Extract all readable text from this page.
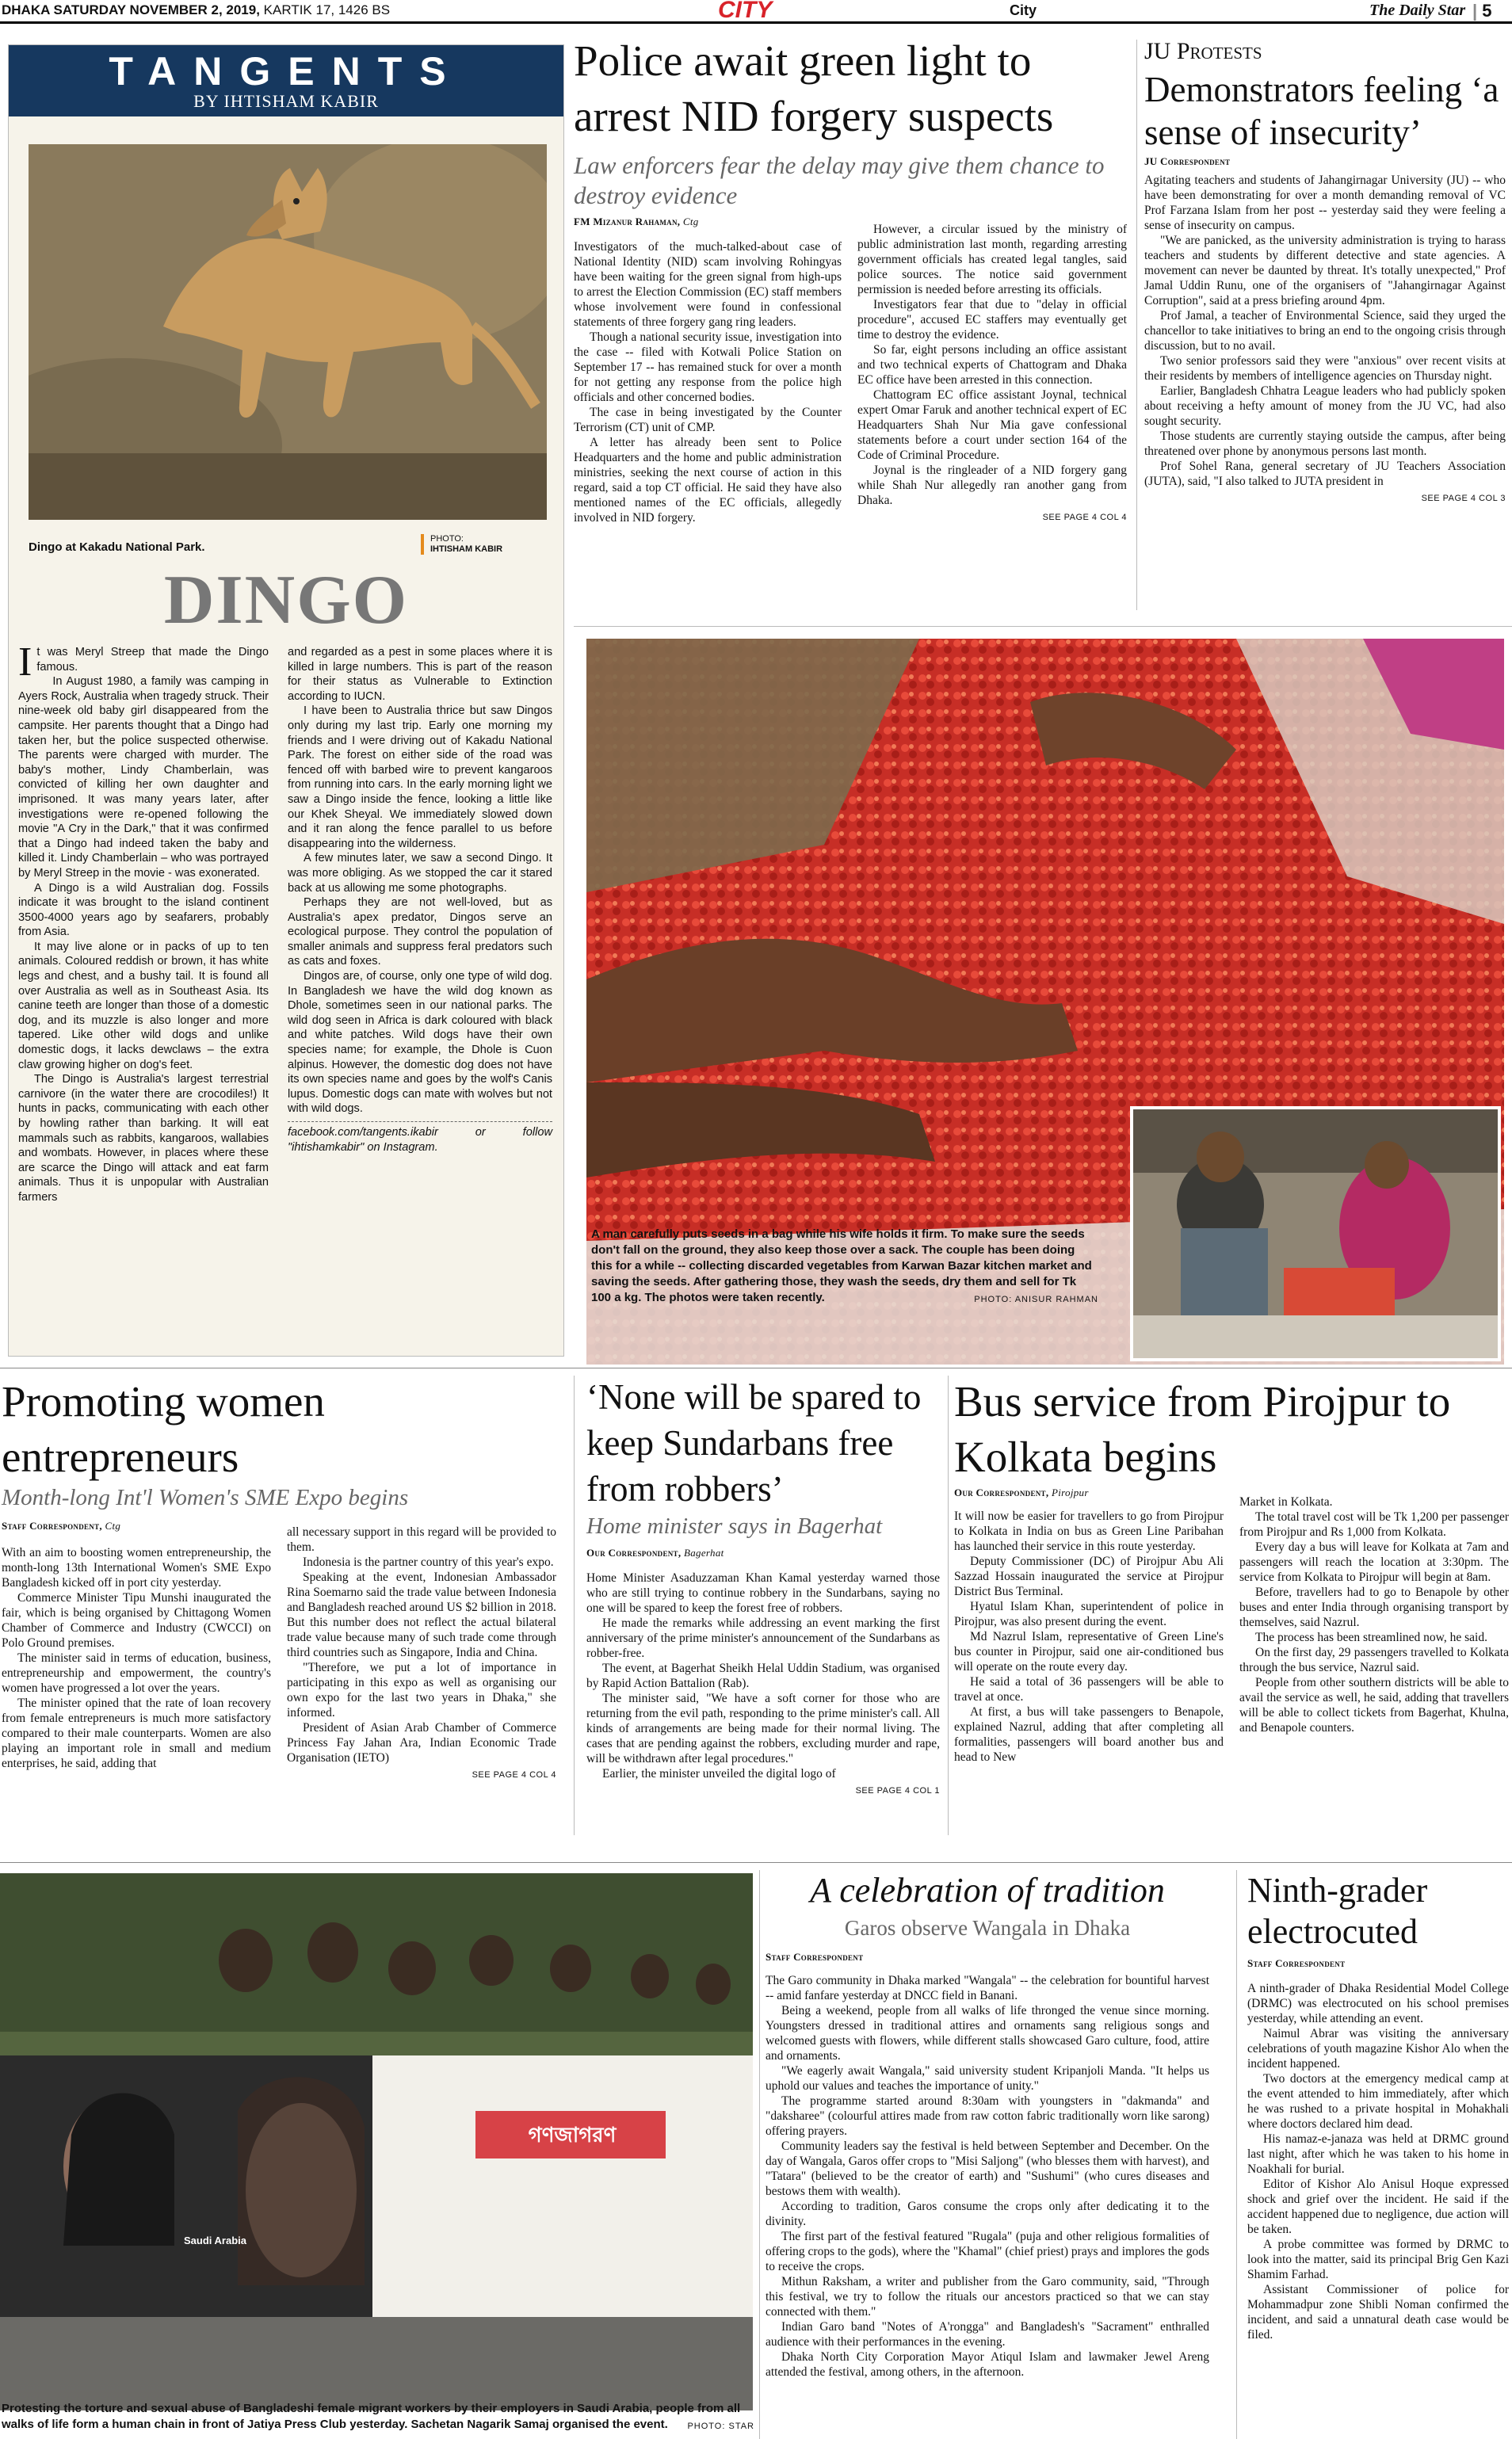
DHAKA SATURDAY NOVEMBER 2, 2019, KARTIK 17, 1426 BS	CITY	City	The Daily Star | 5
TANGENTS
BY IHTISHAM KABIR
Dingo at Kakadu National Park.
PHOTO:
IHTISHAM KABIR
DINGO

It was Meryl Streep that made the Dingo famous.

In August 1980, a family was camping in Ayers Rock, Australia when tragedy struck. Their nine-week old baby girl disappeared from the campsite. Her parents thought that a Dingo had taken her, but the police suspected otherwise. The parents were charged with murder. The baby's mother, Lindy Chamberlain, was convicted of killing her own daughter and imprisoned. It was many years later, after investigations were re-opened following the movie "A Cry in the Dark," that it was confirmed that a Dingo had indeed taken the baby and killed it. Lindy Chamberlain – who was portrayed by Meryl Streep in the movie - was exonerated.

A Dingo is a wild Australian dog. Fossils indicate it was brought to the island continent 3500-4000 years ago by seafarers, probably from Asia.

It may live alone or in packs of up to ten animals. Coloured reddish or brown, it has white legs and chest, and a bushy tail. It is found all over Australia as well as in Southeast Asia. Its canine teeth are longer than those of a domestic dog, and its muzzle is also longer and more tapered. Like other wild dogs and unlike domestic dogs, it lacks dewclaws – the extra claw growing higher on dog's feet.

The Dingo is Australia's largest terrestrial carnivore (in the water there are crocodiles!) It hunts in packs, communicating with each other by howling rather than barking. It will eat mammals such as rabbits, kangaroos, wallabies and wombats. However, in places where these are scarce the Dingo will attack and eat farm animals. Thus it is unpopular with Australian farmers

and regarded as a pest in some places where it is killed in large numbers. This is part of the reason for their status as Vulnerable to Extinction according to IUCN.

I have been to Australia thrice but saw Dingos only during my last trip. Early one morning my friends and I were driving out of Kakadu National Park. The forest on either side of the road was fenced off with barbed wire to prevent kangaroos from running into cars. In the early morning light we saw a Dingo inside the fence, looking a little like our Khek Sheyal. We immediately slowed down and it ran along the fence parallel to us before disappearing into the wilderness.

A few minutes later, we saw a second Dingo. It was more obliging. As we stopped the car it stared back at us allowing me some photographs.

Perhaps they are not well-loved, but as Australia's apex predator, Dingos serve an ecological purpose. They control the population of smaller animals and suppress feral predators such as cats and foxes.

Dingos are, of course, only one type of wild dog. In Bangladesh we have the wild dog known as Dhole, sometimes seen in our national parks. The wild dog seen in Africa is dark coloured with black and white patches. Wild dogs have their own species name; for example, the Dhole is Cuon alpinus. However, the domestic dog does not have its own species name and goes by the wolf's Canis lupus. Domestic dogs can mate with wolves but not with wild dogs.

facebook.com/tangents.ikabir or follow "ihtishamkabir" on Instagram.

Police await green light to arrest NID forgery suspects
Law enforcers fear the delay may give them chance to destroy evidence
FM Mizanur Rahaman, Ctg

Investigators of the much-talked-about case of National Identity (NID) scam involving Rohingyas have been waiting for the green signal from high-ups to arrest the Election Commission (EC) staff members whose involvement were found in confessional statements of three forgery gang ring leaders.

Though a national security issue, investigation into the case -- filed with Kotwali Police Station on September 17 -- has remained stuck for over a month for not getting any response from the police high officials and other concerned bodies.

The case in being investigated by the Counter Terrorism (CT) unit of CMP.

A letter has already been sent to Police Headquarters and the home and public administration ministries, seeking the next course of action in this regard, said a top CT official. He said they have also mentioned names of the EC officials, allegedly involved in NID forgery.

However, a circular issued by the ministry of public administration last month, regarding arresting government officials has created legal tangles, said police sources. The notice said government permission is needed before arresting its officials.

Investigators fear that due to "delay in official procedure", accused EC staffers may eventually get time to destroy the evidence.

So far, eight persons including an office assistant and two technical experts of Chattogram and Dhaka EC office have been arrested in this connection.

Chattogram EC office assistant Joynal, technical expert Omar Faruk and another technical expert of EC Headquarters Shah Nur Mia gave confessional statements before a court under section 164 of the Code of Criminal Procedure.

Joynal is the ringleader of a NID forgery gang while Shah Nur allegedly ran another gang from Dhaka.

SEE PAGE 4 COL 4
JU Protests
Demonstrators feeling ‘a sense of insecurity’
JU Correspondent

Agitating teachers and students of Jahangirnagar University (JU) -- who have been demonstrating for over a month demanding removal of VC Prof Farzana Islam from her post -- yesterday said they were feeling a sense of insecurity on campus.

"We are panicked, as the university administration is trying to harass teachers and students by different detective and state agencies. A movement can never be daunted by threat. It's totally unexpected," Prof Jamal Uddin Runu, one of the organisers of "Jahangirnagar Against Corruption", said at a press briefing around 4pm.

Prof Jamal, a teacher of Environmental Science, said they urged the chancellor to take initiatives to bring an end to the ongoing crisis through discussion, but to no avail.

Two senior professors said they were "anxious" over recent visits at their residents by members of intelligence agencies on Thursday night.

Earlier, Bangladesh Chhatra League leaders who had publicly spoken about receiving a hefty amount of money from the JU VC, had also sought security.

Those students are currently staying outside the campus, after being threatened over phone by anonymous persons last month.

Prof Sohel Rana, general secretary of JU Teachers Association (JUTA), said, "I also talked to JUTA president in

SEE PAGE 4 COL 3
A man carefully puts seeds in a bag while his wife holds it firm. To make sure the seeds don't fall on the ground, they also keep those over a sack. The couple has been doing this for a while -- collecting discarded vegetables from Karwan Bazar kitchen market and saving the seeds. After gathering those, they wash the seeds, dry them and sell for Tk 100 a kg. The photos were taken recently.	PHOTO: ANISUR RAHMAN
Promoting women entrepreneurs
Month-long Int'l Women's SME Expo begins
Staff Correspondent, Ctg

With an aim to boosting women entrepreneurship, the month-long 13th International Women's SME Expo Bangladesh kicked off in port city yesterday.

Commerce Minister Tipu Munshi inaugurated the fair, which is being organised by Chittagong Women Chamber of Commerce and Industry (CWCCI) on Polo Ground premises.

The minister said in terms of education, business, entrepreneurship and empowerment, the country's women have progressed a lot over the years.

The minister opined that the rate of loan recovery from female entrepreneurs is much more satisfactory compared to their male counterparts. Women are also playing an important role in small and medium enterprises, he said, adding that

all necessary support in this regard will be provided to them.

Indonesia is the partner country of this year's expo.

Speaking at the event, Indonesian Ambassador Rina Soemarno said the trade value between Indonesia and Bangladesh reached around US $2 billion in 2018. But this number does not reflect the actual bilateral trade value because many of such trade come through third countries such as Singapore, India and China.

"Therefore, we put a lot of importance in participating in this expo as well as organising our own expo for the last two years in Dhaka," she informed.

President of Asian Arab Chamber of Commerce Princess Fay Jahan Ara, Indian Economic Trade Organisation (IETO)

SEE PAGE 4 COL 4
‘None will be spared to keep Sundarbans free from robbers’
Home minister says in Bagerhat
Our Correspondent, Bagerhat

Home Minister Asaduzzaman Khan Kamal yesterday warned those who are still trying to continue robbery in the Sundarbans, saying no one will be spared to keep the forest free of robbers.

He made the remarks while addressing an event marking the first anniversary of the prime minister's announcement of the Sundarbans as robber-free.

The event, at Bagerhat Sheikh Helal Uddin Stadium, was organised by Rapid Action Battalion (Rab).

The minister said, "We have a soft corner for those who are returning from the evil path, responding to the prime minister's call. All kinds of arrangements are being made for their normal living. The cases that are pending against the robbers, excluding murder and rape, will be withdrawn after legal procedures."

Earlier, the minister unveiled the digital logo of

SEE PAGE 4 COL 1
Bus service from Pirojpur to Kolkata begins
Our Correspondent, Pirojpur

It will now be easier for travellers to go from Pirojpur to Kolkata in India on bus as Green Line Paribahan has launched their service in this route yesterday.

Deputy Commissioner (DC) of Pirojpur Abu Ali Sazzad Hossain inaugurated the service at Pirojpur District Bus Terminal.

Hyatul Islam Khan, superintendent of police in Pirojpur, was also present during the event.

Md Nazrul Islam, representative of Green Line's bus counter in Pirojpur, said one air-conditioned bus will operate on the route every day.

He said a total of 36 passengers will be able to travel at once.

At first, a bus will take passengers to Benapole, explained Nazrul, adding that after completing all formalities, passengers will board another bus and head to New

Market in Kolkata.

The total travel cost will be Tk 1,200 per passenger from Pirojpur and Rs 1,000 from Kolkata.

Every day a bus will leave for Kolkata at 7am and passengers will reach the location at 3:30pm. The service from Kolkata to Pirojpur will begin at 8am.

Before, travellers had to go to Benapole by other buses and enter India through organising transport by themselves, said Nazrul.

The process has been streamlined now, he said.

On the first day, 29 passengers travelled to Kolkata through the bus service, Nazrul said.

People from other southern districts will be able to avail the service as well, he said, adding that travellers will be able to collect tickets from Bagerhat, Khulna, and Benapole counters.

Saudi Arabia
গণজাগরণ
Protesting the torture and sexual abuse of Bangladeshi female migrant workers by their employers in Saudi Arabia, people from all walks of life form a human chain in front of Jatiya Press Club yesterday. Sachetan Nagarik Samaj organised the event.	PHOTO: STAR
A celebration of tradition
Garos observe Wangala in Dhaka
Staff Correspondent

The Garo community in Dhaka marked "Wangala" -- the celebration for bountiful harvest -- amid fanfare yesterday at DNCC field in Banani.

Being a weekend, people from all walks of life thronged the venue since morning. Youngsters dressed in traditional attires and ornaments sang religious songs and welcomed guests with flowers, while different stalls showcased Garo culture, food, attire and ornaments.

"We eagerly await Wangala," said university student Kripanjoli Manda. "It helps us uphold our values and teaches the importance of unity."

The programme started around 8:30am with youngsters in "dakmanda" and "daksharee" (colourful attires made from raw cotton fabric traditionally worn like sarong) offering prayers.

Community leaders say the festival is held between September and December. On the day of Wangala, Garos offer crops to "Misi Saljong" (who blesses them with harvest), and "Tatara" (believed to be the creator of earth) and "Sushumi" (who cures diseases and bestows them with wealth).

According to tradition, Garos consume the crops only after dedicating it to the divinity.

The first part of the festival featured "Rugala" (puja and other religious formalities of offering crops to the gods), where the "Khamal" (chief priest) prays and implores the gods to receive the crops.

Mithun Raksham, a writer and publisher from the Garo community, said, "Through this festival, we try to follow the rituals our ancestors practiced so that we can stay connected with them."

Indian Garo band "Notes of A'rongga" and Bangladesh's "Sacrament" enthralled audience with their performances in the evening.

Dhaka North City Corporation Mayor Atiqul Islam and lawmaker Jewel Areng attended the festival, among others, in the afternoon.

Ninth-grader electrocuted
Staff Correspondent

A ninth-grader of Dhaka Residential Model College (DRMC) was electrocuted on his school premises yesterday, while attending an event.

Naimul Abrar was visiting the anniversary celebrations of youth magazine Kishor Alo when the incident happened.

Two doctors at the emergency medical camp at the event attended to him immediately, after which he was rushed to a private hospital in Mohakhali where doctors declared him dead.

His namaz-e-janaza was held at DRMC ground last night, after which he was taken to his home in Noakhali for burial.

Editor of Kishor Alo Anisul Hoque expressed shock and grief over the incident. He said if the accident happened due to negligence, due action will be taken.

A probe committee was formed by DRMC to look into the matter, said its principal Brig Gen Kazi Shamim Farhad.

Assistant Commissioner of police for Mohammadpur zone Shibli Noman confirmed the incident, and said a unnatural death case would be filed.
